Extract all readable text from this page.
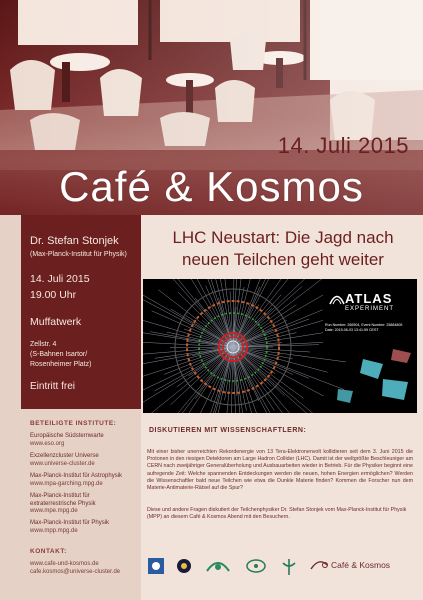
14. Juli 2015
Café & Kosmos
Dr. Stefan Stonjek
(Max-Planck-Institut für Physik)
14. Juli 2015
19.00 Uhr
Muffatwerk
Zellstr. 4
(S-Bahnen Isartor/
Rosenheimer Platz)
Eintritt frei
BETEILIGTE INSTITUTE:
Europäische Südsternwarte
www.eso.org
Exzellenzcluster Universe
www.universe-cluster.de
Max-Planck-Institut für Astrophysik
www.mpa-garching.mpg.de
Max-Planck-Institut für
extraterrestrische Physik
www.mpe.mpg.de
Max-Planck-Institut für Physik
www.mpp.mpg.de
KONTAKT:
www.cafe-und-kosmos.de
cafe.kosmos@universe-cluster.de
LHC Neustart: Die Jagd nach
neuen Teilchen geht weiter
ATLAS
EXPERIMENT
Run Number: 266904, Event Number: 25884805
Date: 2015-06-03 13:41:59 CEST
DISKUTIEREN MIT WISSENSCHAFTLERN:
Mit einer bisher unerreichten Rekordenergie von 13 Tera-Elektronenvolt kollidieren seit dem 3. Juni 2015 die Protonen in den riesigen Detektoren am Large Hadron Collider (LHC). Damit ist der weltgrößte Beschleuniger am CERN nach zweijähriger Generalüberholung und Ausbauarbeiten wieder in Betrieb. Für die Physiker beginnt eine aufregende Zeit: Welche spannenden Entdeckungen werden die neuen, hohen Energien ermöglichen? Werden die Wissenschaftler bald neue Teilchen wie etwa die Dunkle Materie finden? Kommen die Forscher nun dem Materie-Antimaterie-Rätsel auf die Spur?
Diese und andere Fragen diskutiert der Teilchenphysiker Dr. Stefan Stonjek vom Max-Planck-Institut für Physik (MPP) an diesem Café & Kosmos Abend mit den Besuchern.
Café & Kosmos
